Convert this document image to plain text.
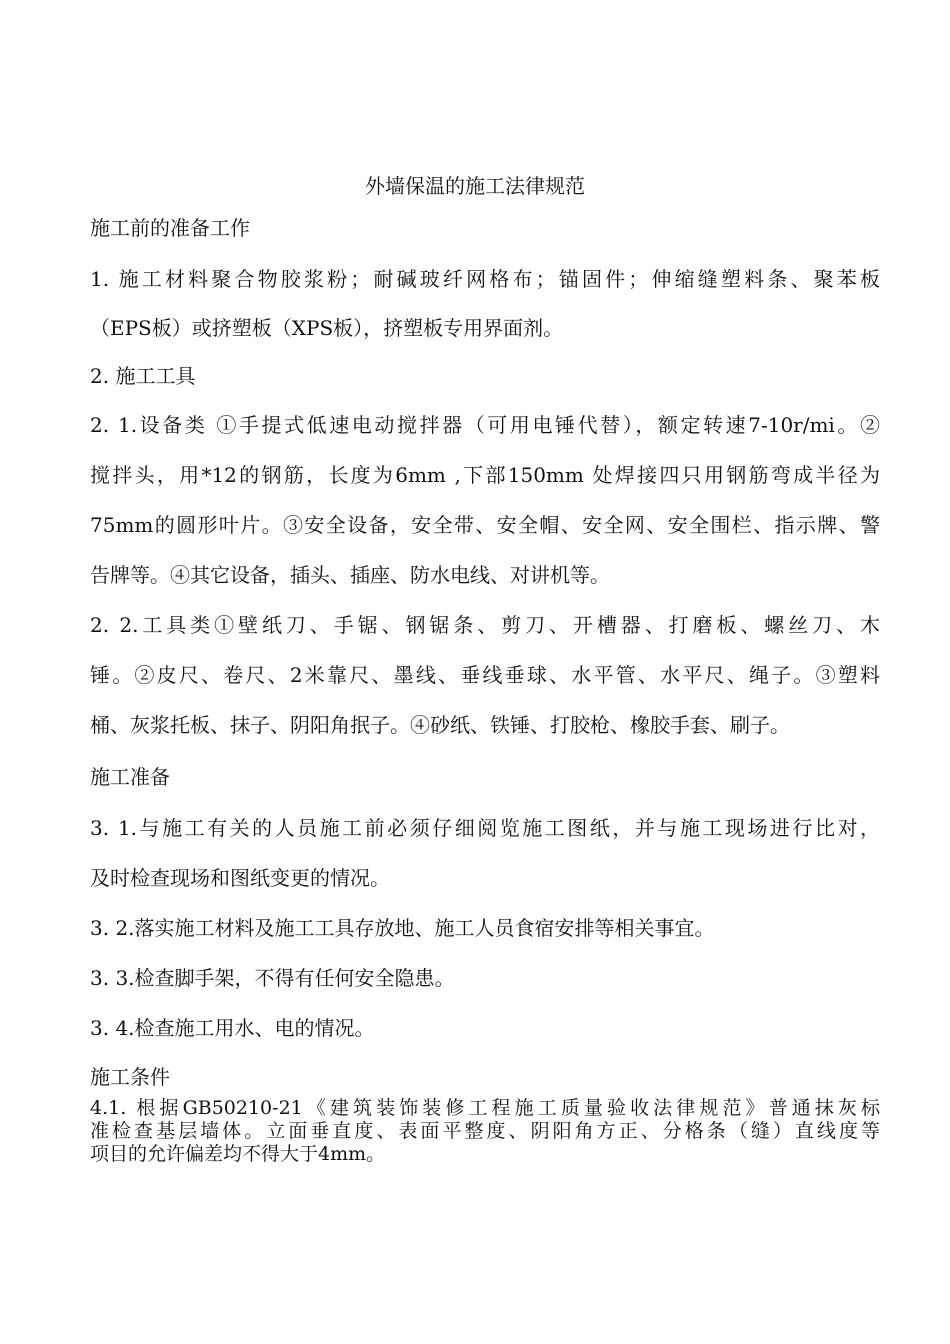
外墙保温的施工法律规范
施工前的准备工作
1. 施工材料聚合物胶浆粉；耐碱玻纤网格布；锚固件；伸缩缝塑料条、聚苯板
（EPS板）或挤塑板（XPS板），挤塑板专用界面剂。
2. 施工工具
2. 1.设备类 ①手提式低速电动搅拌器（可用电锤代替），额定转速7-10r/mi。②
搅拌头，用*12的钢筋，长度为6mm ,下部150mm 处焊接四只用钢筋弯成半径为
75mm的圆形叶片。③安全设备，安全带、安全帽、安全网、安全围栏、指示牌、警
告牌等。④其它设备，插头、插座、防水电线、对讲机等。
2. 2.工具类①壁纸刀、手锯、钢锯条、剪刀、开槽器、打磨板、螺丝刀、木
锤。②皮尺、卷尺、2米靠尺、墨线、垂线垂球、水平管、水平尺、绳子。③塑料
桶、灰浆托板、抹子、阴阳角抿子。④砂纸、铁锤、打胶枪、橡胶手套、刷子。
施工准备
3. 1.与施工有关的人员施工前必须仔细阅览施工图纸，并与施工现场进行比对，
及时检查现场和图纸变更的情况。
3. 2.落实施工材料及施工工具存放地、施工人员食宿安排等相关事宜。
3. 3.检查脚手架，不得有任何安全隐患。
3. 4.检查施工用水、电的情况。
施工条件
4.1. 根据GB50210-21《建筑装饰装修工程施工质量验收法律规范》普通抹灰标
准检查基层墙体。立面垂直度、表面平整度、阴阳角方正、分格条（缝）直线度等
项目的允许偏差均不得大于4mm。
